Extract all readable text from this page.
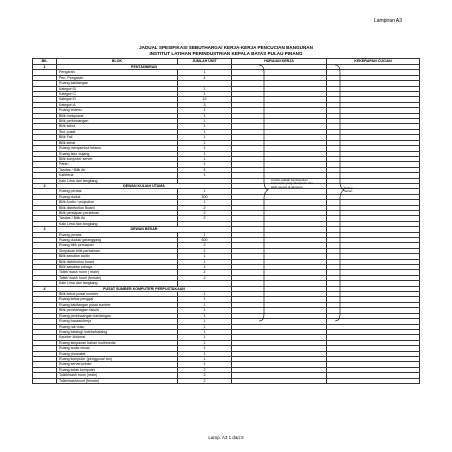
Lampiran A3
JADUAL SPESIFIKASI SEBUTHARGA/ KERJA-KERJA PENCUCIAN BANGUNAN
INSTITUT LATIHAN PERINDUSTRIAN KEPALA BATAS PULAU PINANG
BIL	BLOK	JUMLAH UNIT	HURAIAN KERJA	KEKERAPAN CUCIAN
1	PENTADBIRAN			
	Pengarah	1		
	Pen. Pengarah	4		
	Ruang kakitangan			
	Kategori B	1		
	Kategori C	1		
	Kategori D	19		
	Kategori A	3		
	Ruang tetamu	1		
	Bilik mesyuarat	1		
	Bilik perbincangan	1		
	Bilik sebut	1		
	Stor pusat	1		
	Bilik Fail	1		
	Bilik kebal	1		
	Ruang menyambut tetamu	1		
	Ruang tidur bujang	1		
	Bilik komputer server	1		
	Pantri	1		
	Tandas / Bilik Air	4		
	Kafeteria	1		
	Kaki Lima dan tangkang			
2	DEWAN KULIAH UTAMA			
	Ruang pentas	1		
	Ruang duduk	300		
	Bilik Audio / projection	1		
	Bilik distribution Board	2		
	Bilik persiapan persidnan	2		
	Tandas / Bilik Air	2		
	Kaki Lima dan tangkang			
3	DEWAN BESAR			
	Ruang pentas	1		
	Ruang duduk/ gelanggang	600		
	Ruang bilik persiapan	2		
	Simpanan bilik persalinan	2		
	Bilik kawalan audio	1		
	Bilik distribution board	1		
	Bilik kawalan cahaya	1		
	Toilet/ wash room ( male)	2		
	Toilet/ wash room (female)	2		
	Kaki Lima dan tangkang			
4	PUSAT SUMBER KOMPUTER/ PERPUSTAKAAN			
	Bilik ketua pusat sumber	1		
	Ruang ketua penggal	1		
	Ruang kakitangan pusat sumber	1		
	Bilik pembahagian fakulti	1		
	Ruang perbincangan kakitangan	1		
	Ruang bacaan/kerja	1		
	Ruang rak buku	1		
	Ruang katalog/ indeks/katalog	1		
	Kaunter khidmat	1		
	Ruang simpanan bahan multimedia	1		
	Ruang audio visual	1		
	Ruang photostat	1		
	Ruang komputer (pengguna/ am)	1		
	Ruang server/printer	1		
	Ruang kelas komputer	2		
	Toilet/wash room (male)	2		
	Toilet/washroom (female)	2		
Cucian adalah berdasarkan kekerapan yang ditetapkan dan lebih seperti di lampiran	Setiap harian
Lamp. A3 1 dari 2
